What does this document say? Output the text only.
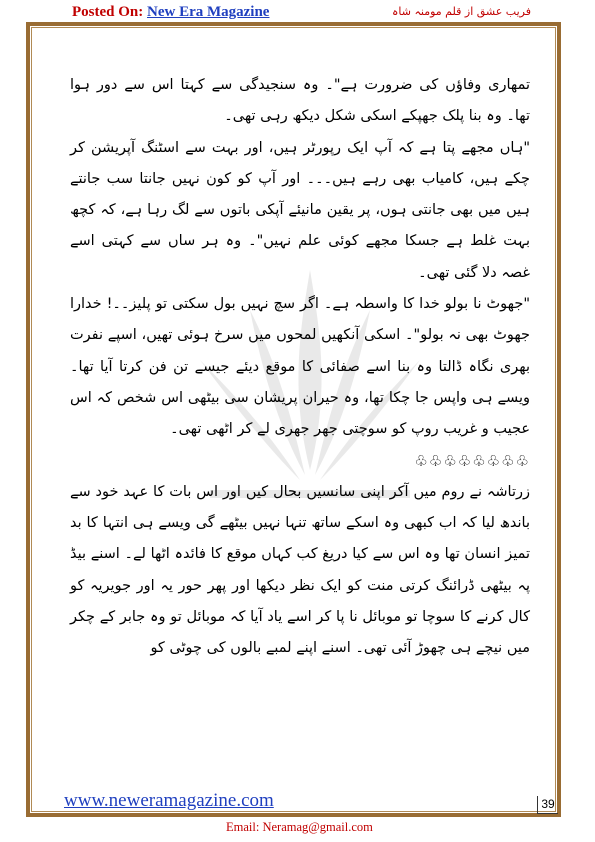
Posted On: New Era Magazine	فریب عشق از قلم مومنہ شاہ

تمھاری وفاؤں کی ضرورت ہے"۔ وہ سنجیدگی سے کہتا اس سے دور ہوا تھا۔ وہ بنا پلک جھپکے اسکی شکل دیکھ رہی تھی۔

"ہاں مجھے پتا ہے کہ آپ ایک رپورٹر ہیں، اور بہت سے اسٹنگ آپریشن کر چکے ہیں، کامیاب بھی رہے ہیں۔۔۔ اور آپ کو کون نہیں جانتا سب جانتے ہیں میں بھی جانتی ہوں، پر یقین مانیئے آپکی باتوں سے لگ رہا ہے، کہ کچھ بہت غلط ہے جسکا مجھے کوئی علم نہیں"۔ وہ ہر ساں سے کہتی اسے غصہ دلا گئی تھی۔

"جھوٹ نا بولو خدا کا واسطہ ہے۔ اگر سچ نہیں بول سکتی تو پلیز۔۔! خدارا جھوٹ بھی نہ بولو"۔ اسکی آنکھیں لمحوں میں سرخ ہوئی تھیں، اسپے نفرت بھری نگاہ ڈالتا وہ بنا اسے صفائی کا موقع دیئے جیسے تن فن کرتا آیا تھا۔ ویسے ہی واپس جا چکا تھا، وہ حیران پریشان سی بیٹھی اس شخص کہ اس عجیب و غریب روپ کو سوچتی جھر جھری لے کر اٹھی تھی۔

♧♧♧♧♧♧♧♧

زرتاشہ نے روم میں آکر اپنی سانسیں بحال کیں اور اس بات کا عہد خود سے باندھ لیا کہ اب کبھی وہ اسکے ساتھ تنہا نہیں بیٹھے گی ویسے ہی انتہا کا بد تمیز انسان تھا وہ اس سے کیا دریغ کب کہاں موقع کا فائدہ اٹھا لے۔ اسنے بیڈ پہ بیٹھی ڈرائنگ کرتی منت کو ایک نظر دیکھا اور پھر حور یہ اور جویریہ کو کال کرنے کا سوچا تو موبائل نا پا کر اسے یاد آیا کہ موبائل تو وہ جابر کے چکر میں نیچے ہی چھوڑ آئی تھی۔ اسنے اپنے لمبے بالوں کی چوٹی کو

www.neweramagazine.com	39
Email: Neramag@gmail.com
